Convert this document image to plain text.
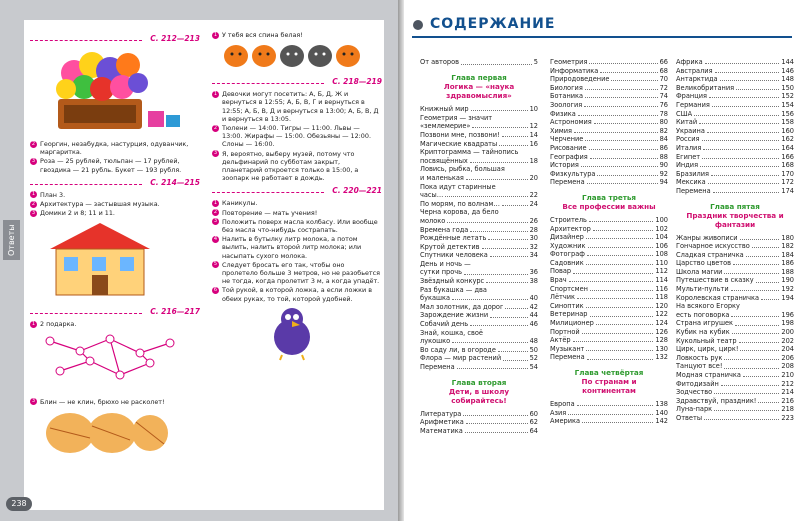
Ответы
238
С. 212—213
2 Георгин, незабудка, настурция, одуванчик, маргаритка.
3 Роза — 25 рублей, тюльпан — 17 рублей, гвоздика — 21 рубль. Букет — 193 рубля.
С. 214—215
1 План 3.
2 Архитектура — застывшая музыка.
3 Домики 2 и 8; 11 и 11.
С. 216—217
1 2 подарка.
3 Блин — не клин, брюхо не расколет!
1 У тебя вся спина белая!
С. 218—219
1 Девочки могут посетить: А, Б, Д, Ж и вернуться в 12:55; А, Б, В, Г и вернуться в 12:55; А, Б, В, Д и вернуться в 13:00; А, Б, В, Д и вернуться в 13:05.
2 Тюлени — 14:00. Тигры — 11:00. Львы — 13:00. Жирафы — 15:00. Обезьяны — 12:00. Слоны — 16:00.
3 Я, вероятно, выберу музей, потому что дельфинарий по субботам закрыт, планетарий откроется только в 15:00, а зоопарк не работает в дождь.
С. 220—221
1 Каникулы.
2 Повторение — мать учения!
3 Положить поверх масла колбасу. Или вообще без масла что-нибудь сострапать.
4 Налить в бутылку литр молока, а потом вылить, налить второй литр молока; или насыпать сухого молока.
5 Следует бросать его так, чтобы оно пролетело больше 3 метров, но не разобьется не тогда, когда пролетит 3 м, а когда упадёт.
6 Той рукой, в которой ложка, а если ложки в обеих руках, то той, которой удобней.
СОДЕРЖАНИЕ
От авторов	5
Глава первая
Логика — «наука здравомыслия»
Книжный мир	10
Геометрия — значит
«землемерие»	12
Позвони мне, позвони!	14
Магические квадраты	16
Криптограмма — тайнопись
посвящённых	18
Ловись, рыбка, большая
и маленькая	20
Пока идут старинные
часы…	22
По морям, по волнам…	24
Черна корова, да бело
молоко	26
Времена года	28
Рождённые летать	30
Крутой детектив	32
Спутники человека	34
День и ночь —
сутки прочь	36
Звёздный конкурс	38
Раз букашка — два
букашка	40
Мал золотник, да дорог	42
Зарождение жизни	44
Собачий день	46
Знай, кошка, своё
лукошко	48
Во саду ли, в огороде	50
Флора — мир растений	52
Перемена	54
Глава вторая
Дети, в школу собирайтесь!
Литература	60
Арифметика	62
Математика	64
Геометрия	66
Информатика	68
Природоведение	70
Биология	72
Ботаника	74
Зоология	76
Физика	78
Астрономия	80
Химия	82
Черчение	84
Рисование	86
География	88
История	90
Физкультура	92
Перемена	94
Глава третья
Все профессии важны
Строитель	100
Архитектор	102
Дизайнер	104
Художник	106
Фотограф	108
Садовник	110
Повар	112
Врач	114
Спортсмен	116
Лётчик	118
Синоптик	120
Ветеринар	122
Милиционер	124
Портной	126
Актёр	128
Музыкант	130
Перемена	132
Глава четвёртая
По странам и континентам
Европа	138
Азия	140
Америка	142
Африка	144
Австралия	146
Антарктида	148
Великобритания	150
Франция	152
Германия	154
США	156
Китай	158
Украина	160
Россия	162
Италия	164
Египет	166
Индия	168
Бразилия	170
Мексика	172
Перемена	174
Глава пятая
Праздник творчества и фантазии
Жанры живописи	180
Гончарное искусство	182
Сладкая страничка	184
Царство цветов	186
Школа магии	188
Путешествие в сказку	190
Мульти-пульти	192
Королевская страничка	194
На всякого Егорку
есть поговорка	196
Страна игрушек	198
Кубик на кубик	200
Кукольный театр	202
Цирк, цирк, цирк!	204
Ловкость рук	206
Танцуют все!	208
Модная страничка	210
Фитодизайн	212
Зодчество	214
Здравствуй, праздник!	216
Луна-парк	218
Ответы	223
